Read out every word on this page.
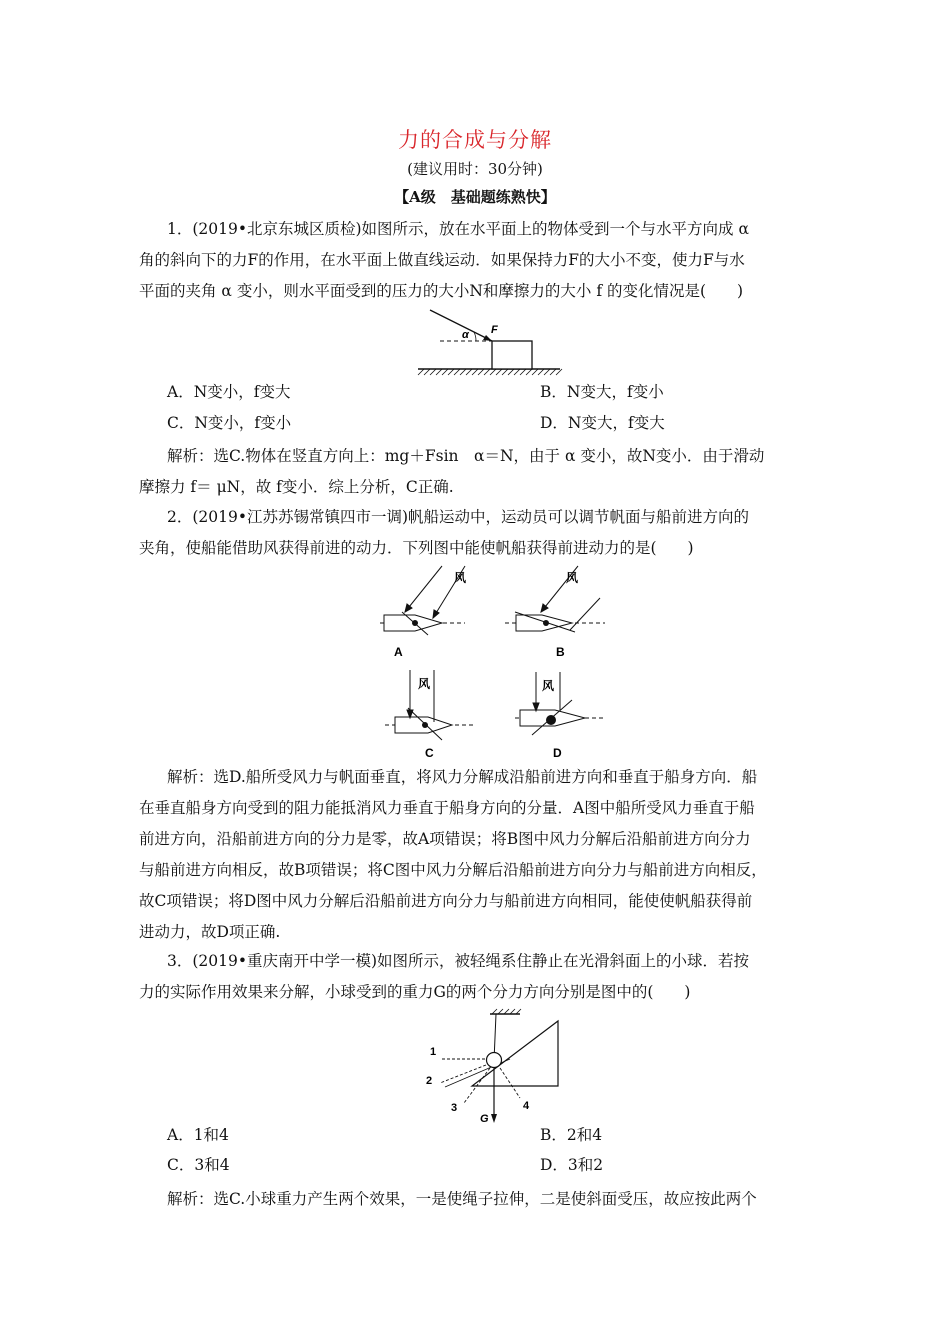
力的合成与分解
(建议用时：30分钟)
【A级　基础题练熟快】
1．(2019•北京东城区质检)如图所示，放在水平面上的物体受到一个与水平方向成 α
角的斜向下的力F的作用，在水平面上做直线运动．如果保持力F的大小不变，使力F与水
平面的夹角 α 变小，则水平面受到的压力的大小N和摩擦力的大小 f 的变化情况是(　　)
α F
A．N变小，f变大	B．N变大，f变小
C．N变小，f变小	D．N变大，f变大
解析：选C.物体在竖直方向上：mg＋Fsin　α＝N，由于 α 变小，故N变小．由于滑动
摩擦力 f＝ μN，故 f变小．综上分析，C正确.
2．(2019•江苏苏锡常镇四市一调)帆船运动中，运动员可以调节帆面与船前进方向的
夹角，使船能借助风获得前进的动力．下列图中能使帆船获得前进动力的是(　　)
风	风
风	风
A	B
C	D
解析：选D.船所受风力与帆面垂直，将风力分解成沿船前进方向和垂直于船身方向．船
在垂直船身方向受到的阻力能抵消风力垂直于船身方向的分量．A图中船所受风力垂直于船
前进方向，沿船前进方向的分力是零，故A项错误；将B图中风力分解后沿船前进方向分力
与船前进方向相反，故B项错误；将C图中风力分解后沿船前进方向分力与船前进方向相反，
故C项错误；将D图中风力分解后沿船前进方向分力与船前进方向相同，能使使帆船获得前
进动力，故D项正确.
3．(2019•重庆南开中学一模)如图所示，被轻绳系住静止在光滑斜面上的小球．若按
力的实际作用效果来分解，小球受到的重力G的两个分力方向分别是图中的(　　)
1
2
3	4
G
A．1和4	B．2和4
C．3和4	D．3和2
解析：选C.小球重力产生两个效果，一是使绳子拉伸，二是使斜面受压，故应按此两个
